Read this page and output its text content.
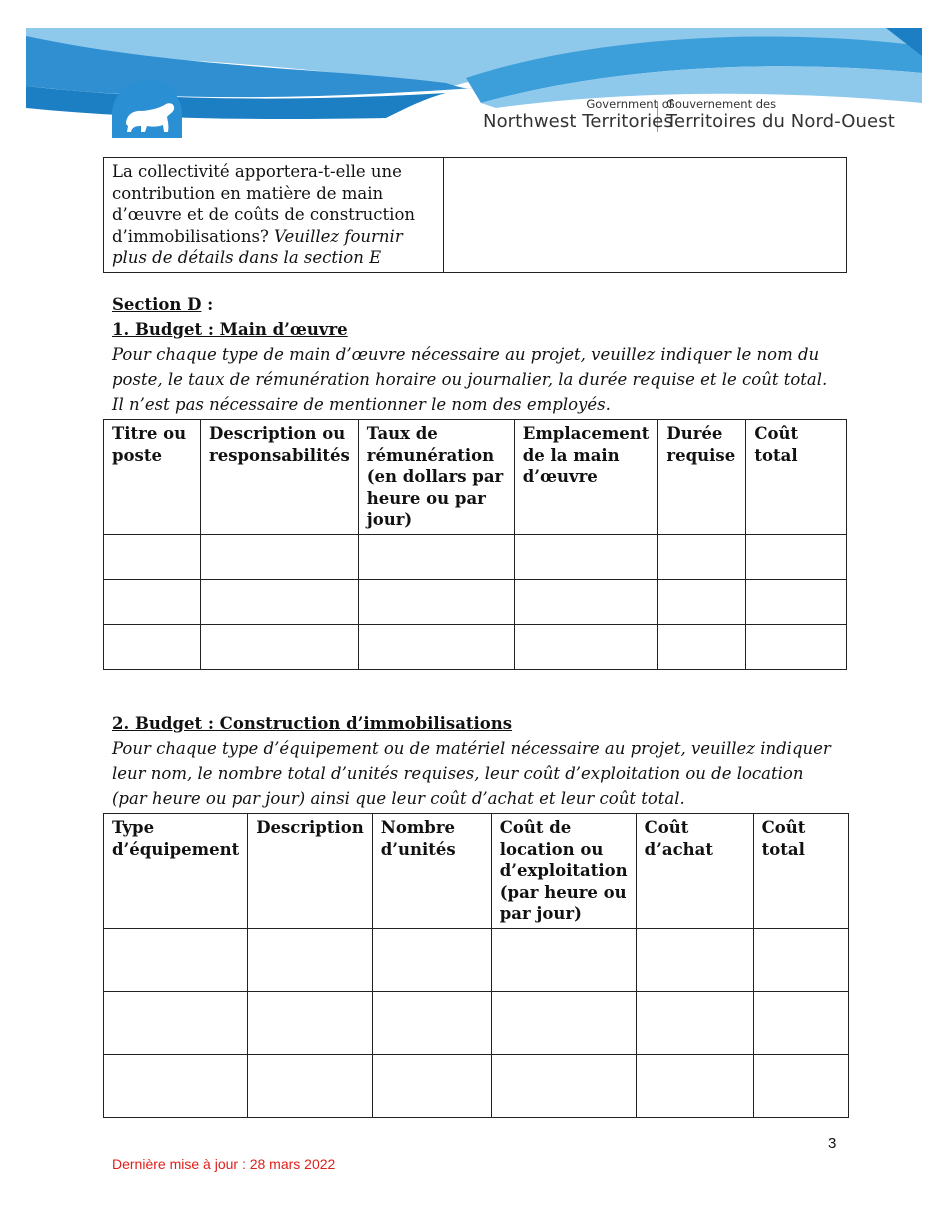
Government of
Northwest Territories
Gouvernement des
Territoires du Nord-Ouest
La collectivité apportera-t-elle une contribution en matière de main d’œuvre et de coûts de construction d’immobilisations? Veuillez fournir plus de détails dans la section E	
Section D :
1. Budget : Main d’œuvre
Pour chaque type de main d’œuvre nécessaire au projet, veuillez indiquer le nom du poste, le taux de rémunération horaire ou journalier, la durée requise et le coût total. Il n’est pas nécessaire de mentionner le nom des employés.
Titre ou poste	Description ou responsabilités	Taux de rémunération (en dollars par heure ou par jour)	Emplacement de la main d’œuvre	Durée requise	Coût total

2. Budget : Construction d’immobilisations
Pour chaque type d’équipement ou de matériel nécessaire au projet, veuillez indiquer leur nom, le nombre total d’unités requises, leur coût d’exploitation ou de location (par heure ou par jour) ainsi que leur coût d’achat et leur coût total.
Type d’équipement	Description	Nombre d’unités	Coût de location ou d’exploitation (par heure ou par jour)	Coût d’achat	Coût total

3
Dernière mise à jour : 28 mars 2022
